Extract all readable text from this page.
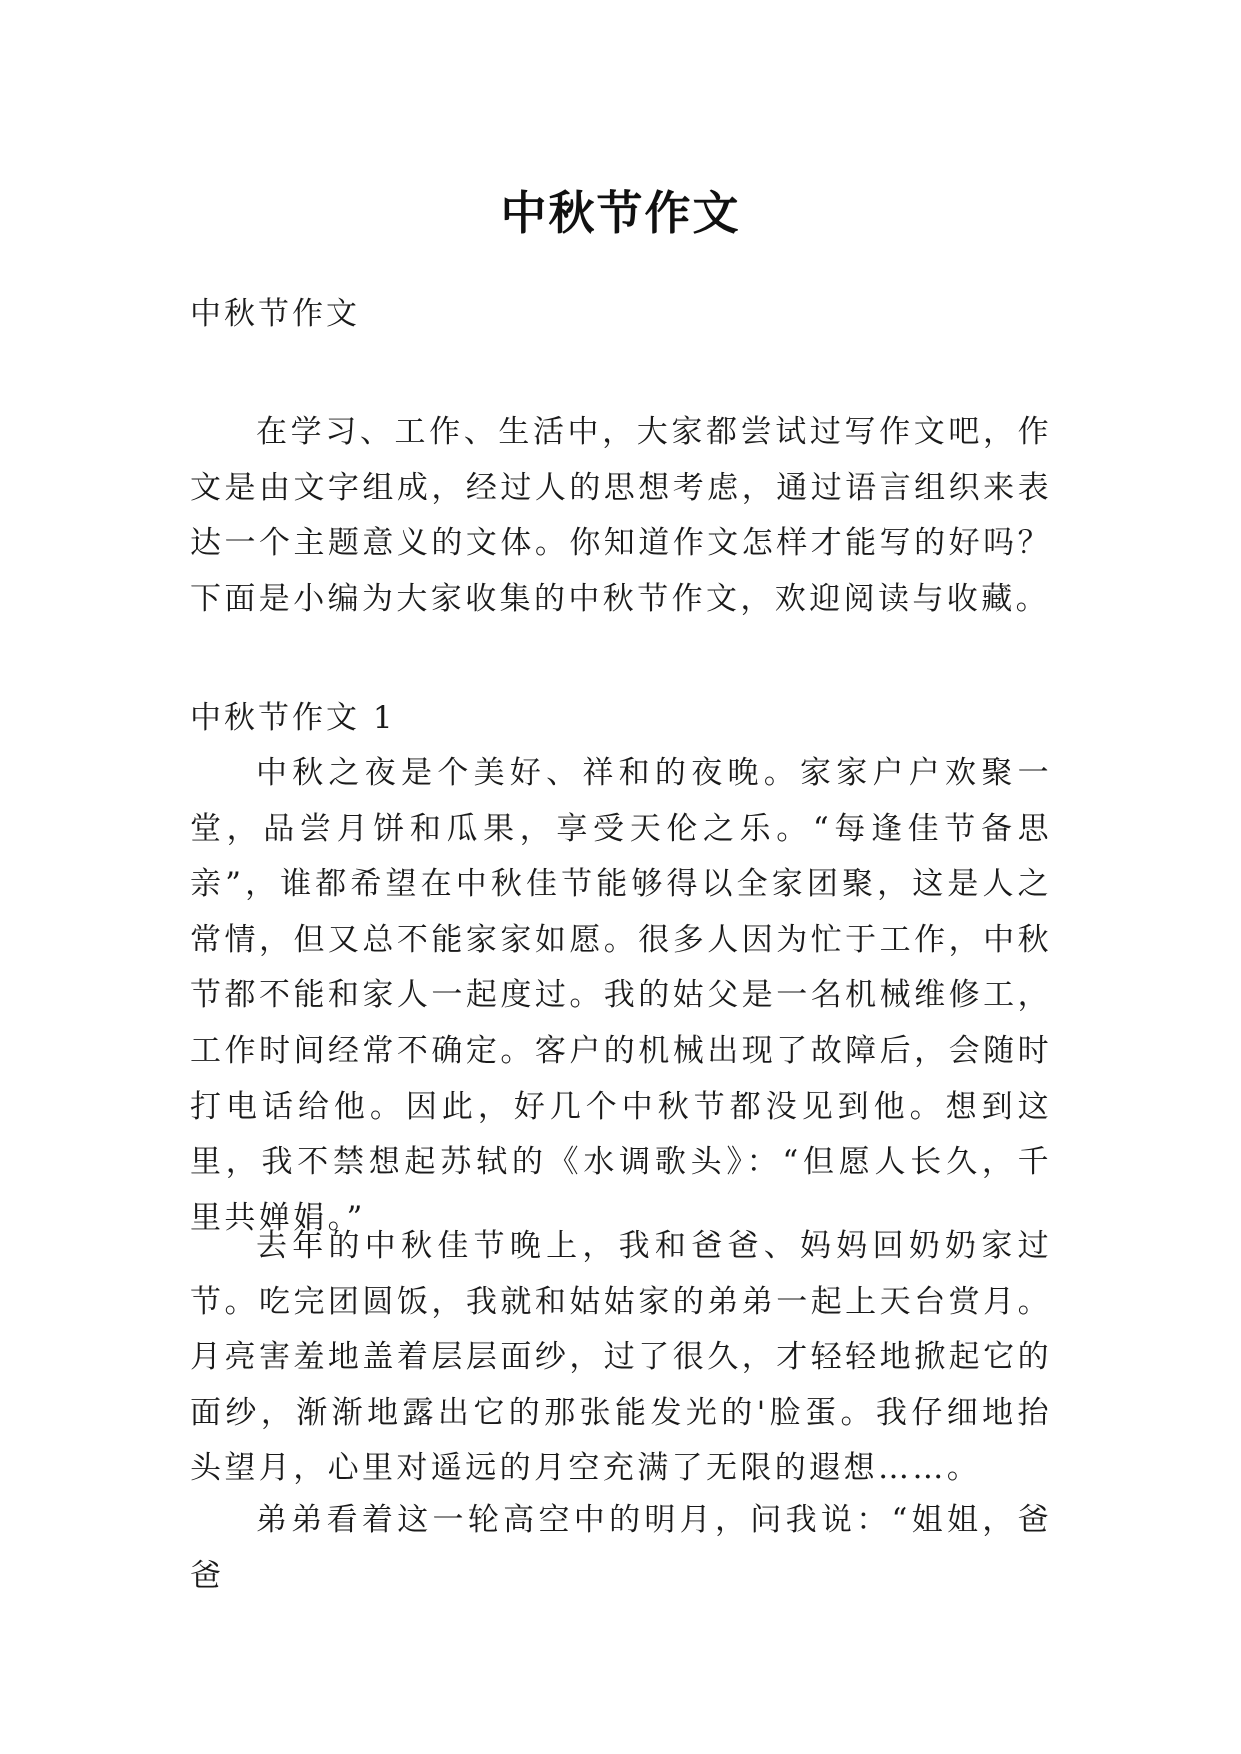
中秋节作文

中秋节作文

在学习、工作、生活中，大家都尝试过写作文吧，作文是由文字组成，经过人的思想考虑，通过语言组织来表达一个主题意义的文体。你知道作文怎样才能写的好吗？下面是小编为大家收集的中秋节作文，欢迎阅读与收藏。

中秋节作文 1

中秋之夜是个美好、祥和的夜晚。家家户户欢聚一堂，品尝月饼和瓜果，享受天伦之乐。“每逢佳节备思亲”，谁都希望在中秋佳节能够得以全家团聚，这是人之常情，但又总不能家家如愿。很多人因为忙于工作，中秋节都不能和家人一起度过。我的姑父是一名机械维修工，工作时间经常不确定。客户的机械出现了故障后，会随时打电话给他。因此，好几个中秋节都没见到他。想到这里，我不禁想起苏轼的《水调歌头》：“但愿人长久，千里共婵娟。”

去年的中秋佳节晚上，我和爸爸、妈妈回奶奶家过节。吃完团圆饭，我就和姑姑家的弟弟一起上天台赏月。月亮害羞地盖着层层面纱，过了很久，才轻轻地掀起它的面纱，渐渐地露出它的那张能发光的'脸蛋。我仔细地抬头望月，心里对遥远的月空充满了无限的遐想……。

弟弟看着这一轮高空中的明月，问我说：“姐姐，爸爸
